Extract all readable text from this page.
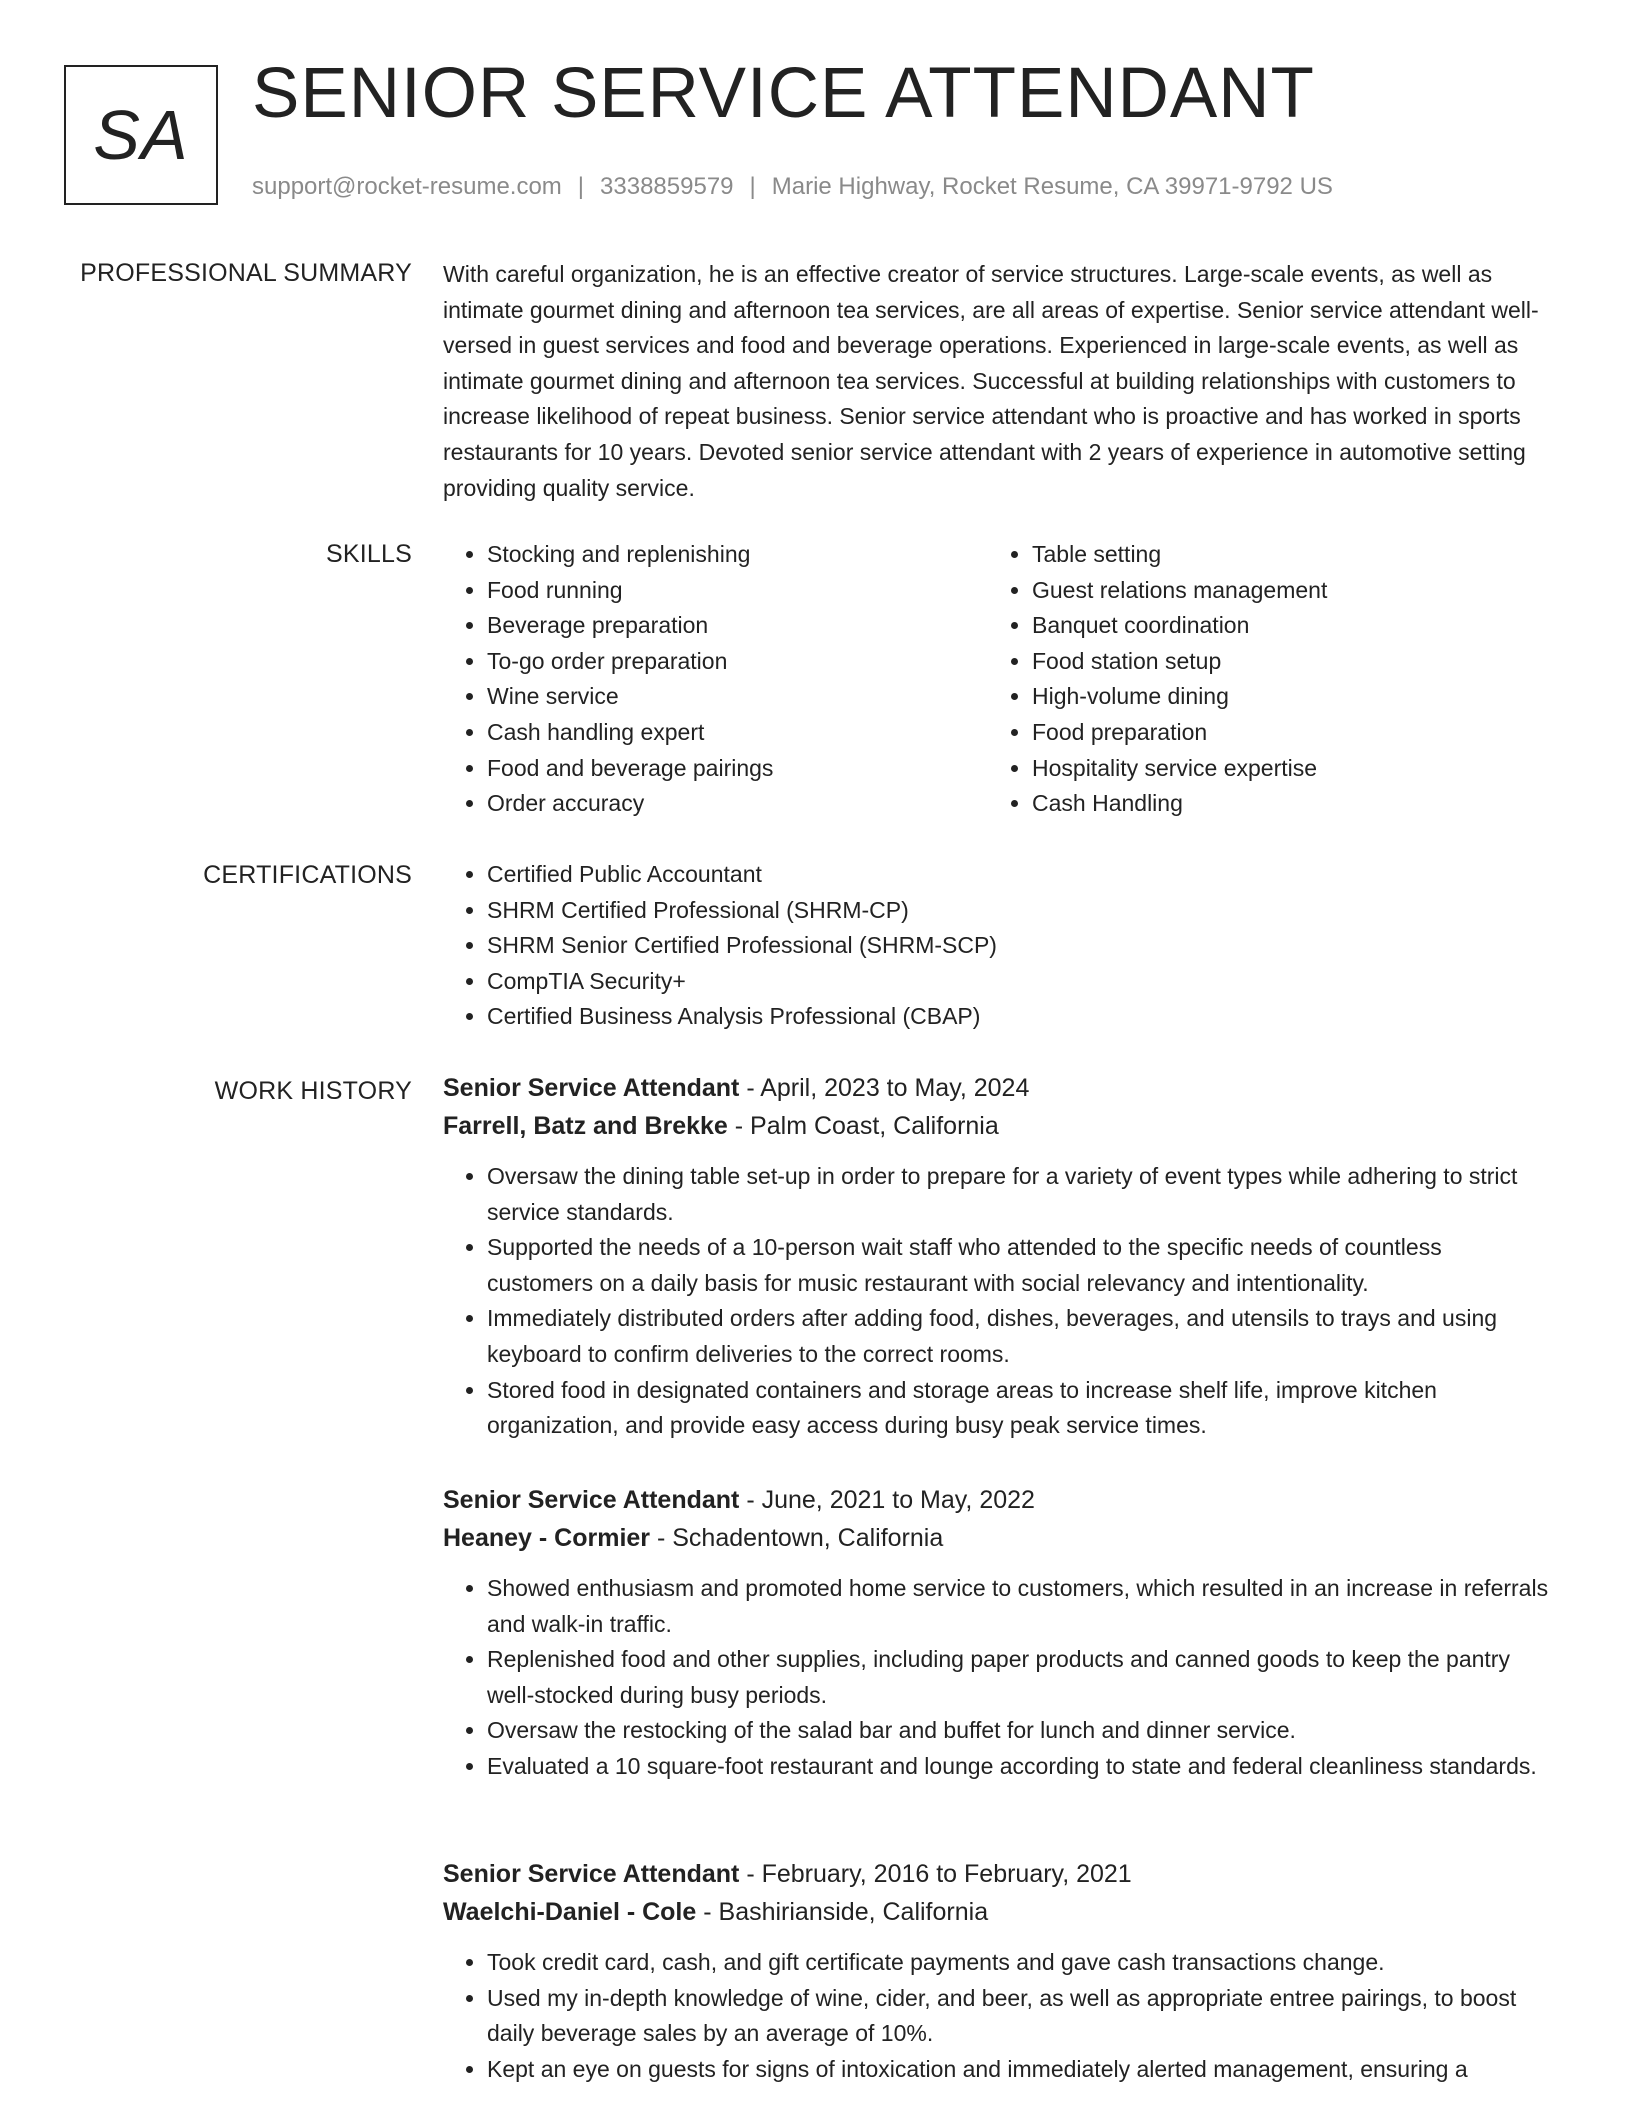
SA
SENIOR SERVICE ATTENDANT
support@rocket-resume.com | 3338859579 | Marie Highway, Rocket Resume, CA 39971-9792 US
PROFESSIONAL SUMMARY With careful organization, he is an effective creator of service structures. Large-scale events, as well as intimate gourmet dining and afternoon tea services, are all areas of expertise. Senior service attendant well-versed in guest services and food and beverage operations. Experienced in large-scale events, as well as intimate gourmet dining and afternoon tea services. Successful at building relationships with customers to increase likelihood of repeat business. Senior service attendant who is proactive and has worked in sports restaurants for 10 years. Devoted senior service attendant with 2 years of experience in automotive setting providing quality service.

SKILLS	• Stocking and replenishing
• Food running
• Beverage preparation
• To-go order preparation
• Wine service
• Cash handling expert
• Food and beverage pairings
• Order accuracy
• Table setting
• Guest relations management
• Banquet coordination
• Food station setup
• High-volume dining
• Food preparation
• Hospitality service expertise
• Cash Handling
CERTIFICATIONS	• Certified Public Accountant
• SHRM Certified Professional (SHRM-CP)
• SHRM Senior Certified Professional (SHRM-SCP)
• CompTIA Security+
• Certified Business Analysis Professional (CBAP)
WORK HISTORY Senior Service Attendant - April, 2023 to May, 2024
Farrell, Batz and Brekke - Palm Coast, California
• Oversaw the dining table set-up in order to prepare for a variety of event types while adhering to strict service standards.
• Supported the needs of a 10-person wait staff who attended to the specific needs of countless customers on a daily basis for music restaurant with social relevancy and intentionality.
• Immediately distributed orders after adding food, dishes, beverages, and utensils to trays and using keyboard to confirm deliveries to the correct rooms.
• Stored food in designated containers and storage areas to increase shelf life, improve kitchen organization, and provide easy access during busy peak service times.
Senior Service Attendant - June, 2021 to May, 2022
Heaney - Cormier - Schadentown, California
• Showed enthusiasm and promoted home service to customers, which resulted in an increase in referrals and walk-in traffic.
• Replenished food and other supplies, including paper products and canned goods to keep the pantry well-stocked during busy periods.
• Oversaw the restocking of the salad bar and buffet for lunch and dinner service.
• Evaluated a 10 square-foot restaurant and lounge according to state and federal cleanliness standards.
Senior Service Attendant - February, 2016 to February, 2021
Waelchi-Daniel - Cole - Bashirianside, California
• Took credit card, cash, and gift certificate payments and gave cash transactions change.
• Used my in-depth knowledge of wine, cider, and beer, as well as appropriate entree pairings, to boost daily beverage sales by an average of 10%.
• Kept an eye on guests for signs of intoxication and immediately alerted management, ensuring a
